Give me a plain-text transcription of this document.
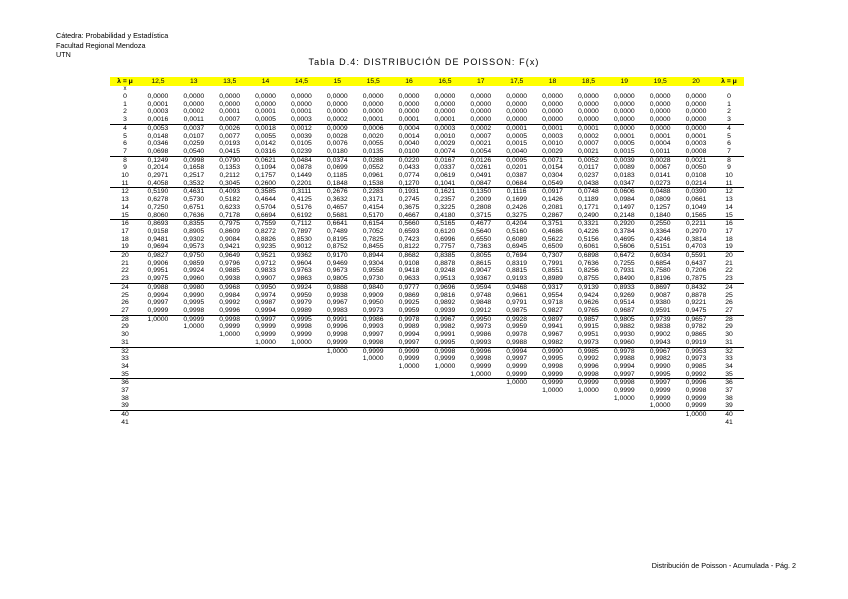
Cátedra: Probabilidad y Estadística
Facultad Regional Mendoza
UTN
Tabla D.4: DISTRIBUCIÓN DE POISSON: F(x)
λ = μ	12,5	13	13,5	14	14,5	15	15,5	16	16,5	17	17,5	18	18,5	19	19,5	20	λ = μ
x																	
0	0,0000	0,0000	0,0000	0,0000	0,0000	0,0000	0,0000	0,0000	0,0000	0,0000	0,0000	0,0000	0,0000	0,0000	0,0000	0,0000	0
1	0,0001	0,0000	0,0000	0,0000	0,0000	0,0000	0,0000	0,0000	0,0000	0,0000	0,0000	0,0000	0,0000	0,0000	0,0000	0,0000	1
2	0,0003	0,0002	0,0001	0,0001	0,0001	0,0000	0,0000	0,0000	0,0000	0,0000	0,0000	0,0000	0,0000	0,0000	0,0000	0,0000	2
3	0,0016	0,0011	0,0007	0,0005	0,0003	0,0002	0,0001	0,0001	0,0001	0,0000	0,0000	0,0000	0,0000	0,0000	0,0000	0,0000	3
4	0,0053	0,0037	0,0026	0,0018	0,0012	0,0009	0,0006	0,0004	0,0003	0,0002	0,0001	0,0001	0,0001	0,0000	0,0000	0,0000	4
5	0,0148	0,0107	0,0077	0,0055	0,0039	0,0028	0,0020	0,0014	0,0010	0,0007	0,0005	0,0003	0,0002	0,0001	0,0001	0,0001	5
6	0,0346	0,0259	0,0193	0,0142	0,0105	0,0076	0,0055	0,0040	0,0029	0,0021	0,0015	0,0010	0,0007	0,0005	0,0004	0,0003	6
7	0,0698	0,0540	0,0415	0,0316	0,0239	0,0180	0,0135	0,0100	0,0074	0,0054	0,0040	0,0029	0,0021	0,0015	0,0011	0,0008	7
8	0,1249	0,0998	0,0790	0,0621	0,0484	0,0374	0,0288	0,0220	0,0167	0,0126	0,0095	0,0071	0,0052	0,0039	0,0028	0,0021	8
9	0,2014	0,1658	0,1353	0,1094	0,0878	0,0699	0,0552	0,0433	0,0337	0,0261	0,0201	0,0154	0,0117	0,0089	0,0067	0,0050	9
10	0,2971	0,2517	0,2112	0,1757	0,1449	0,1185	0,0961	0,0774	0,0619	0,0491	0,0387	0,0304	0,0237	0,0183	0,0141	0,0108	10
11	0,4058	0,3532	0,3045	0,2600	0,2201	0,1848	0,1538	0,1270	0,1041	0,0847	0,0684	0,0549	0,0438	0,0347	0,0273	0,0214	11
12	0,5190	0,4631	0,4093	0,3585	0,3111	0,2676	0,2283	0,1931	0,1621	0,1350	0,1116	0,0917	0,0748	0,0606	0,0488	0,0390	12
13	0,6278	0,5730	0,5182	0,4644	0,4125	0,3632	0,3171	0,2745	0,2357	0,2009	0,1699	0,1426	0,1189	0,0984	0,0809	0,0661	13
14	0,7250	0,6751	0,6233	0,5704	0,5176	0,4657	0,4154	0,3675	0,3225	0,2808	0,2426	0,2081	0,1771	0,1497	0,1257	0,1049	14
15	0,8060	0,7636	0,7178	0,6694	0,6192	0,5681	0,5170	0,4667	0,4180	0,3715	0,3275	0,2867	0,2490	0,2148	0,1840	0,1565	15
16	0,8693	0,8355	0,7975	0,7559	0,7112	0,6641	0,6154	0,5660	0,5165	0,4677	0,4204	0,3751	0,3321	0,2920	0,2550	0,2211	16
17	0,9158	0,8905	0,8609	0,8272	0,7897	0,7489	0,7052	0,6593	0,6120	0,5640	0,5160	0,4686	0,4226	0,3784	0,3364	0,2970	17
18	0,9481	0,9302	0,9084	0,8826	0,8530	0,8195	0,7825	0,7423	0,6996	0,6550	0,6089	0,5622	0,5156	0,4695	0,4246	0,3814	18
19	0,9694	0,9573	0,9421	0,9235	0,9012	0,8752	0,8455	0,8122	0,7757	0,7363	0,6945	0,6509	0,6061	0,5606	0,5151	0,4703	19
20	0,9827	0,9750	0,9649	0,9521	0,9362	0,9170	0,8944	0,8682	0,8385	0,8055	0,7694	0,7307	0,6898	0,6472	0,6034	0,5591	20
21	0,9906	0,9859	0,9796	0,9712	0,9604	0,9469	0,9304	0,9108	0,8878	0,8615	0,8319	0,7991	0,7636	0,7255	0,6854	0,6437	21
22	0,9951	0,9924	0,9885	0,9833	0,9763	0,9673	0,9558	0,9418	0,9248	0,9047	0,8815	0,8551	0,8256	0,7931	0,7580	0,7206	22
23	0,9975	0,9960	0,9938	0,9907	0,9863	0,9805	0,9730	0,9633	0,9513	0,9367	0,9193	0,8989	0,8755	0,8490	0,8196	0,7875	23
24	0,9988	0,9980	0,9968	0,9950	0,9924	0,9888	0,9840	0,9777	0,9696	0,9594	0,9468	0,9317	0,9139	0,8933	0,8697	0,8432	24
25	0,9994	0,9990	0,9984	0,9974	0,9959	0,9938	0,9909	0,9869	0,9816	0,9748	0,9661	0,9554	0,9424	0,9269	0,9087	0,8878	25
26	0,9997	0,9995	0,9992	0,9987	0,9979	0,9967	0,9950	0,9925	0,9892	0,9848	0,9791	0,9718	0,9626	0,9514	0,9380	0,9221	26
27	0,9999	0,9998	0,9996	0,9994	0,9989	0,9983	0,9973	0,9959	0,9939	0,9912	0,9875	0,9827	0,9765	0,9687	0,9591	0,9475	27
28	1,0000	0,9999	0,9998	0,9997	0,9995	0,9991	0,9986	0,9978	0,9967	0,9950	0,9928	0,9897	0,9857	0,9805	0,9739	0,9657	28
29		1,0000	0,9999	0,9999	0,9998	0,9996	0,9993	0,9989	0,9982	0,9973	0,9959	0,9941	0,9915	0,9882	0,9838	0,9782	29
30			1,0000	0,9999	0,9999	0,9998	0,9997	0,9994	0,9991	0,9986	0,9978	0,9967	0,9951	0,9930	0,9902	0,9865	30
31				1,0000	1,0000	0,9999	0,9998	0,9997	0,9995	0,9993	0,9988	0,9982	0,9973	0,9960	0,9943	0,9919	31
32						1,0000	0,9999	0,9999	0,9998	0,9996	0,9994	0,9990	0,9985	0,9978	0,9967	0,9953	32
33							1,0000	0,9999	0,9999	0,9998	0,9997	0,9995	0,9992	0,9988	0,9982	0,9973	33
34								1,0000	1,0000	0,9999	0,9999	0,9998	0,9996	0,9994	0,9990	0,9985	34
35										1,0000	0,9999	0,9999	0,9998	0,9997	0,9995	0,9992	35
36											1,0000	0,9999	0,9999	0,9998	0,9997	0,9996	36
37												1,0000	1,0000	0,9999	0,9999	0,9998	37
38														1,0000	0,9999	0,9999	38
39															1,0000	0,9999	39
40																1,0000	40
41																	41
Distribución de Poisson - Acumulada - Pág. 2
